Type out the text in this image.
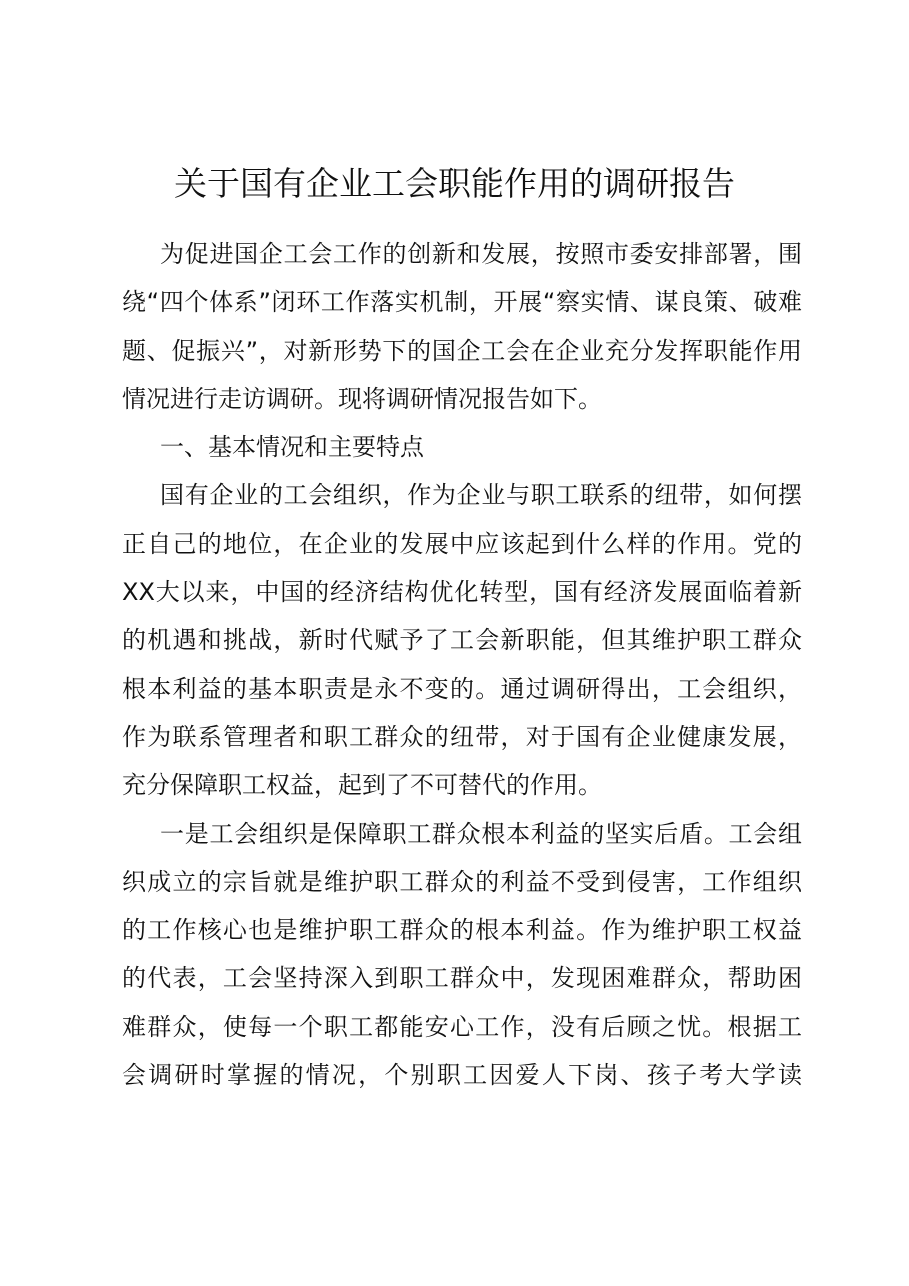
关于国有企业工会职能作用的调研报告
为促进国企工会工作的创新和发展，按照市委安排部署，围
绕“四个体系”闭环工作落实机制，开展“察实情、谋良策、破难
题、促振兴”，对新形势下的国企工会在企业充分发挥职能作用
情况进行走访调研。现将调研情况报告如下。
一、基本情况和主要特点
国有企业的工会组织，作为企业与职工联系的纽带，如何摆
正自己的地位，在企业的发展中应该起到什么样的作用。党的
XX大以来，中国的经济结构优化转型，国有经济发展面临着新
的机遇和挑战，新时代赋予了工会新职能，但其维护职工群众
根本利益的基本职责是永不变的。通过调研得出，工会组织，
作为联系管理者和职工群众的纽带，对于国有企业健康发展，
充分保障职工权益，起到了不可替代的作用。
一是工会组织是保障职工群众根本利益的坚实后盾。工会组
织成立的宗旨就是维护职工群众的利益不受到侵害，工作组织
的工作核心也是维护职工群众的根本利益。作为维护职工权益
的代表，工会坚持深入到职工群众中，发现困难群众，帮助困
难群众，使每一个职工都能安心工作，没有后顾之忧。根据工
会调研时掌握的情况，个别职工因爱人下岗、孩子考大学读
